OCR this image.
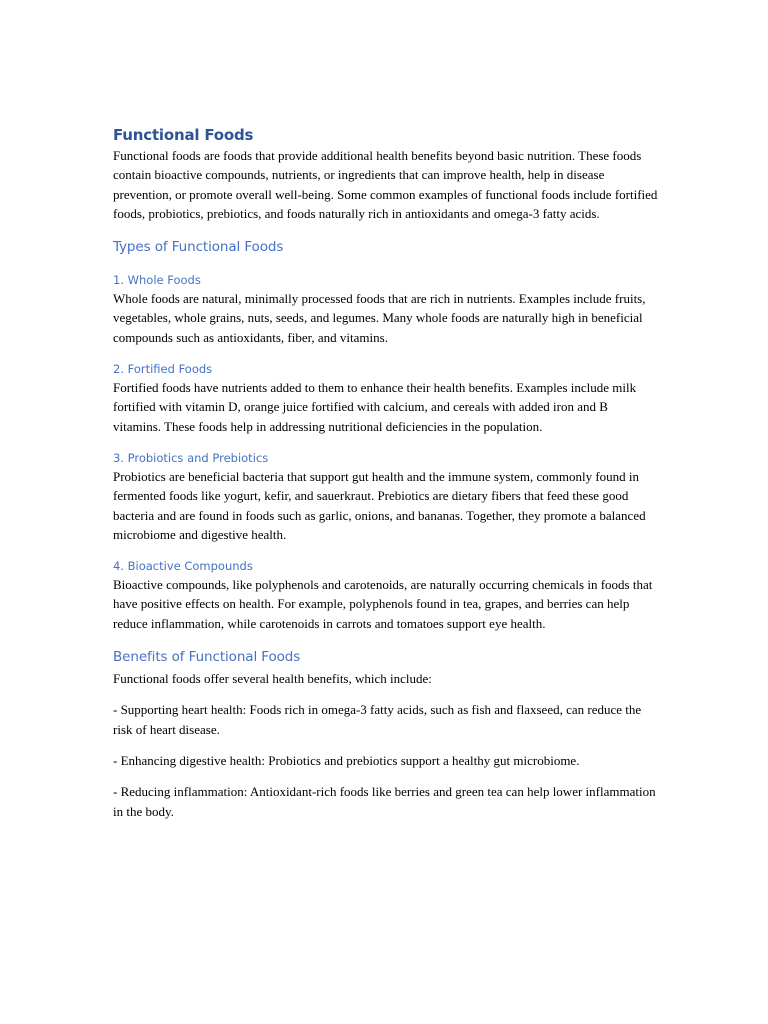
Functional Foods

Functional foods are foods that provide additional health benefits beyond basic nutrition. These foods contain bioactive compounds, nutrients, or ingredients that can improve health, help in disease prevention, or promote overall well-being. Some common examples of functional foods include fortified foods, probiotics, prebiotics, and foods naturally rich in antioxidants and omega-3 fatty acids.

Types of Functional Foods
1. Whole Foods

Whole foods are natural, minimally processed foods that are rich in nutrients. Examples include fruits, vegetables, whole grains, nuts, seeds, and legumes. Many whole foods are naturally high in beneficial compounds such as antioxidants, fiber, and vitamins.

2. Fortified Foods

Fortified foods have nutrients added to them to enhance their health benefits. Examples include milk fortified with vitamin D, orange juice fortified with calcium, and cereals with added iron and B vitamins. These foods help in addressing nutritional deficiencies in the population.

3. Probiotics and Prebiotics

Probiotics are beneficial bacteria that support gut health and the immune system, commonly found in fermented foods like yogurt, kefir, and sauerkraut. Prebiotics are dietary fibers that feed these good bacteria and are found in foods such as garlic, onions, and bananas. Together, they promote a balanced microbiome and digestive health.

4. Bioactive Compounds

Bioactive compounds, like polyphenols and carotenoids, are naturally occurring chemicals in foods that have positive effects on health. For example, polyphenols found in tea, grapes, and berries can help reduce inflammation, while carotenoids in carrots and tomatoes support eye health.

Benefits of Functional Foods

Functional foods offer several health benefits, which include:

- Supporting heart health: Foods rich in omega-3 fatty acids, such as fish and flaxseed, can reduce the risk of heart disease.

- Enhancing digestive health: Probiotics and prebiotics support a healthy gut microbiome.

- Reducing inflammation: Antioxidant-rich foods like berries and green tea can help lower inflammation in the body.
